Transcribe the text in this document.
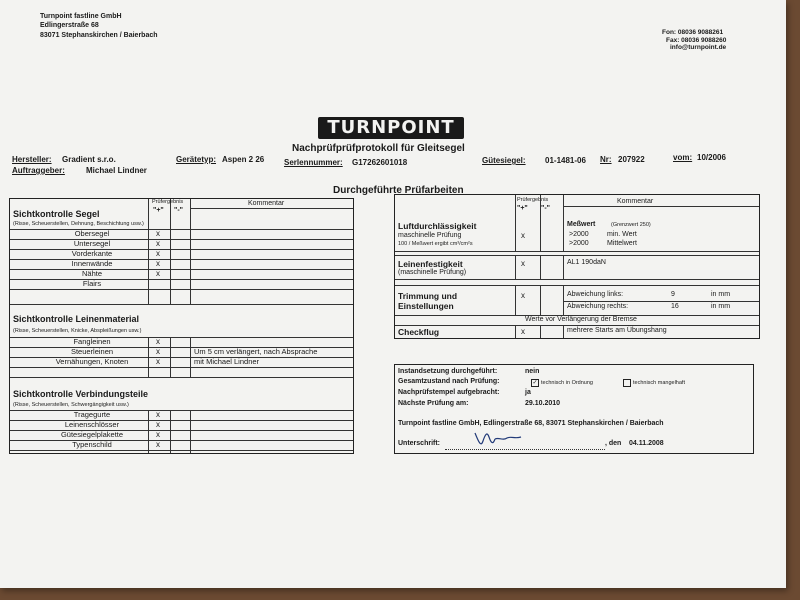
Turnpoint fastline GmbH
Edlingerstraße 68
83071 Stephanskirchen / Baierbach	Fon: 08036 9088261
Fax: 08036 9088260
info@turnpoint.de
TURNPOINT
Nachprüfprüfprotokoll für Gleitsegel
Hersteller: Gradient s.r.o.	Gerätetyp: Aspen 2 26 Serlennummer: G17262601018	Gütesiegel: 01-1481-06 Nr: 207922	vom: 10/2006
Auftraggeber:	Michael Lindner
Durchgeführte Prüfarbeiten
Prüfergebnis
"+" "-"
Kommentar
Sichtkontrolle Segel
(Risse, Scheuerstellen, Dehnung, Beschichtung usw.)
Obersegel	x
Untersegel	x
Vorderkante	x
Innenwände	x
Nähte	x
Flairs
Sichtkontrolle Leinenmaterial
(Risse, Scheuerstellen, Knicke, Abspleißungen usw.)
Fangleinen	x
Steuerleinen	x	Um 5 cm verlängert, nach Absprache
Vernähungen, Knoten	x	mit Michael Lindner
Sichtkontrolle Verbindungsteile
(Risse, Scheuerstellen, Schwergängigkeit usw.)
Tragegurte	x
Leinenschlösser	x
Gütesiegelplakette	x
Typenschild	x
Prüfergebnis
"+" "-"
Kommentar
Luftdurchlässigkeit
maschinelle Prüfung
100 / Meßwert ergibt cm³/cm²s
x
Meßwert	(Grenzwert 250)
>2000	min. Wert
>2000	Mittelwert
Leinenfestigkeit
(maschinelle Prüfung)
x	AL1 190daN
Trimmung und
Einstellungen
x	Abweichung links:	9	in mm
Abweichung rechts:	16	in mm
Werte vor Verlängerung der Bremse
Checkflug	x	mehrere Starts am Übungshang
Instandsetzung durchgeführt:	nein
Gesamtzustand nach Prüfung:	✓ technisch in Ordnung	technisch mangelhaft
Nachprüfstempel aufgebracht:	ja
Nächste Prüfung am:	29.10.2010
Turnpoint fastline GmbH, Edlingerstraße 68, 83071 Stephanskirchen / Baierbach
Unterschrift:	, den 04.11.2008
